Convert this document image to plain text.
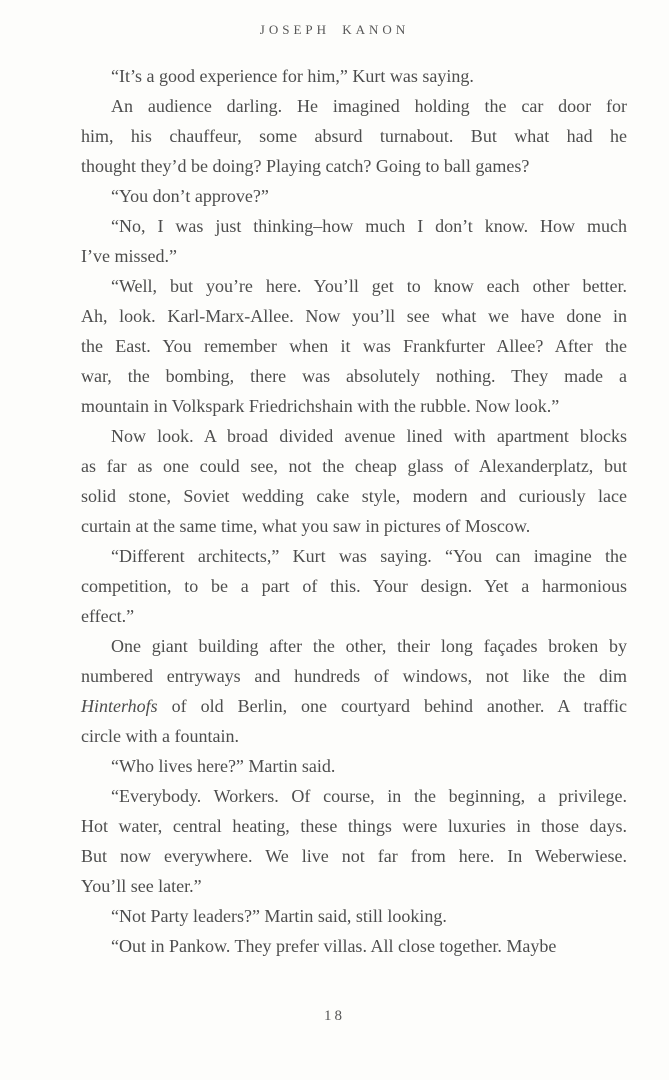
JOSEPH KANON
“It’s a good experience for him,” Kurt was saying.
An audience darling. He imagined holding the car door for
him, his chauffeur, some absurd turnabout. But what had he
thought they’d be doing? Playing catch? Going to ball games?
“You don’t approve?”
“No, I was just thinking–how much I don’t know. How much
I’ve missed.”
“Well, but you’re here. You’ll get to know each other better.
Ah, look. Karl-Marx-Allee. Now you’ll see what we have done in
the East. You remember when it was Frankfurter Allee? After the
war, the bombing, there was absolutely nothing. They made a
mountain in Volkspark Friedrichshain with the rubble. Now look.”
Now look. A broad divided avenue lined with apartment blocks
as far as one could see, not the cheap glass of Alexanderplatz, but
solid stone, Soviet wedding cake style, modern and curiously lace
curtain at the same time, what you saw in pictures of Moscow.
“Different architects,” Kurt was saying. “You can imagine the
competition, to be a part of this. Your design. Yet a harmonious
effect.”
One giant building after the other, their long façades broken by
numbered entryways and hundreds of windows, not like the dim
Hinterhofs of old Berlin, one courtyard behind another. A traffic
circle with a fountain.
“Who lives here?” Martin said.
“Everybody. Workers. Of course, in the beginning, a privilege.
Hot water, central heating, these things were luxuries in those days.
But now everywhere. We live not far from here. In Weberwiese.
You’ll see later.”
“Not Party leaders?” Martin said, still looking.
“Out in Pankow. They prefer villas. All close together. Maybe
18
